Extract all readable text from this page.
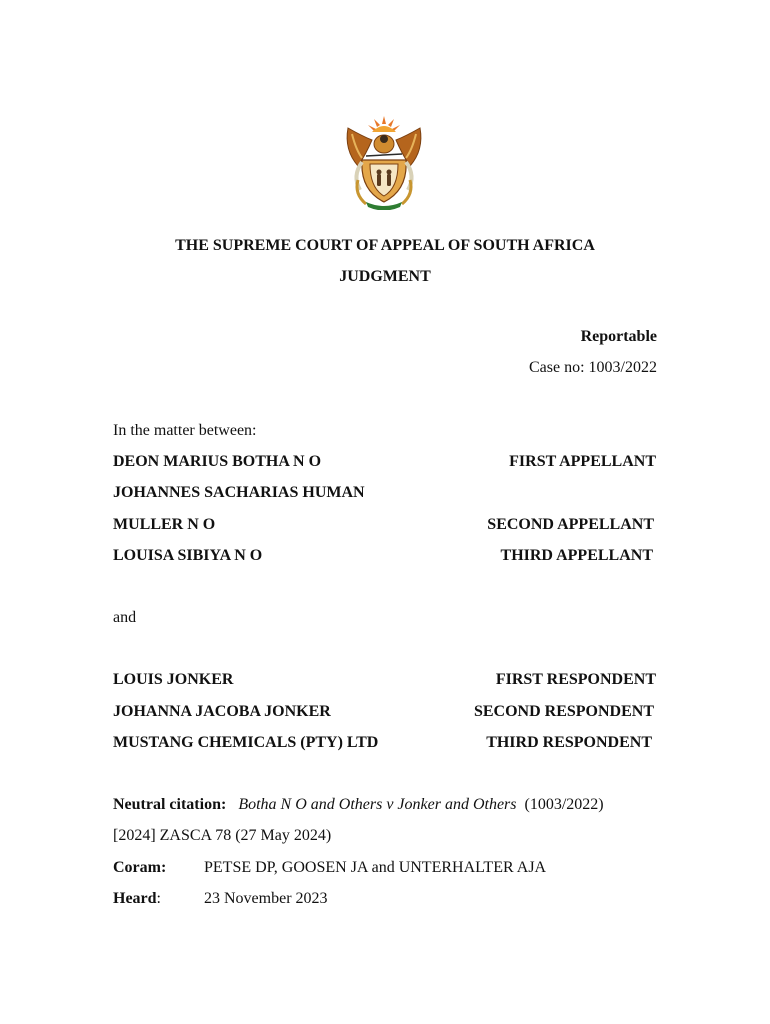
THE SUPREME COURT OF APPEAL OF SOUTH AFRICA
JUDGMENT
Reportable
Case no: 1003/2022
In the matter between:
DEON MARIUS BOTHA N O	FIRST APPELLANT
JOHANNES SACHARIAS HUMAN
MULLER N O	SECOND APPELLANT
LOUISA SIBIYA N O	THIRD APPELLANT
and
LOUIS JONKER	FIRST RESPONDENT
JOHANNA JACOBA JONKER	SECOND RESPONDENT
MUSTANG CHEMICALS (PTY) LTD	THIRD RESPONDENT
Neutral citation: Botha N O and Others v Jonker and Others (1003/2022)
[2024] ZASCA 78 (27 May 2024)
Coram: PETSE DP, GOOSEN JA and UNTERHALTER AJA
Heard:	23 November 2023
